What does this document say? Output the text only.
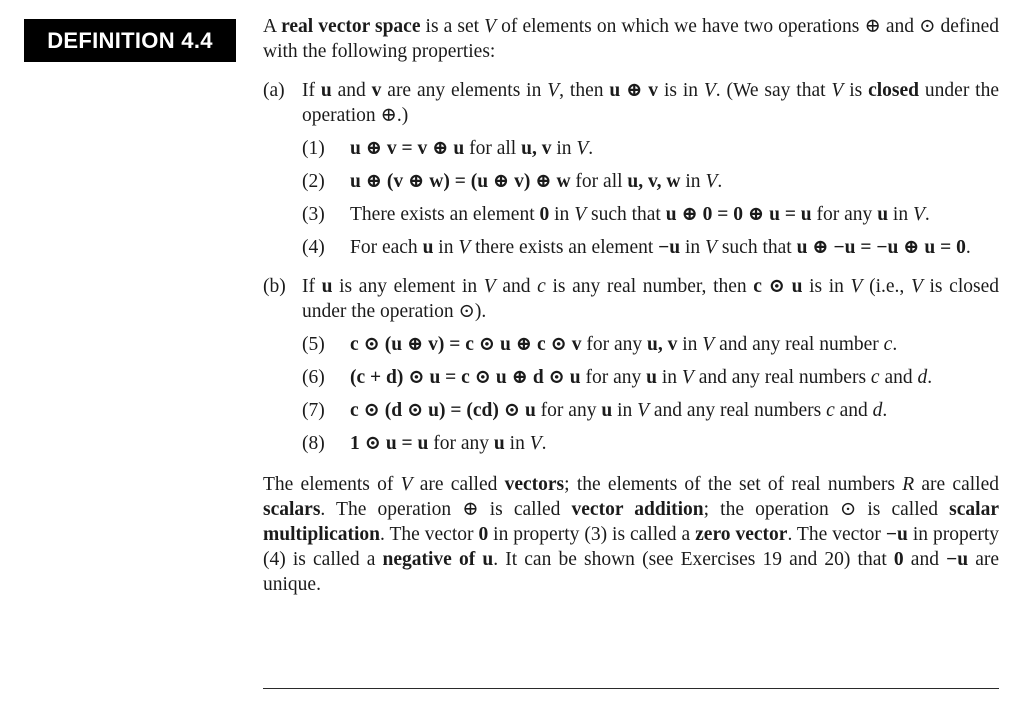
DEFINITION 4.4

A real vector space is a set V of elements on which we have two operations ⊕ and ⊙ defined with the following properties:

(a) If u and v are any elements in V, then u ⊕ v is in V. (We say that V is closed under the operation ⊕.)
(1)	u ⊕ v = v ⊕ u for all u, v in V.
(2)	u ⊕ (v ⊕ w) = (u ⊕ v) ⊕ w for all u, v, w in V.
(3)	There exists an element 0 in V such that u ⊕ 0 = 0 ⊕ u = u for any u in V.
(4)	For each u in V there exists an element −u in V such that u ⊕ −u = −u ⊕ u = 0.
(b) If u is any element in V and c is any real number, then c ⊙ u is in V (i.e., V is closed under the operation ⊙).
(5)	c ⊙ (u ⊕ v) = c ⊙ u ⊕ c ⊙ v for any u, v in V and any real number c.
(6)	(c + d) ⊙ u = c ⊙ u ⊕ d ⊙ u for any u in V and any real numbers c and d.
(7)	c ⊙ (d ⊙ u) = (cd) ⊙ u for any u in V and any real numbers c and d.
(8)	1 ⊙ u = u for any u in V.

The elements of V are called vectors; the elements of the set of real numbers R are called scalars. The operation ⊕ is called vector addition; the operation ⊙ is called scalar multiplication. The vector 0 in property (3) is called a zero vector. The vector −u in property (4) is called a negative of u. It can be shown (see Exercises 19 and 20) that 0 and −u are unique.
